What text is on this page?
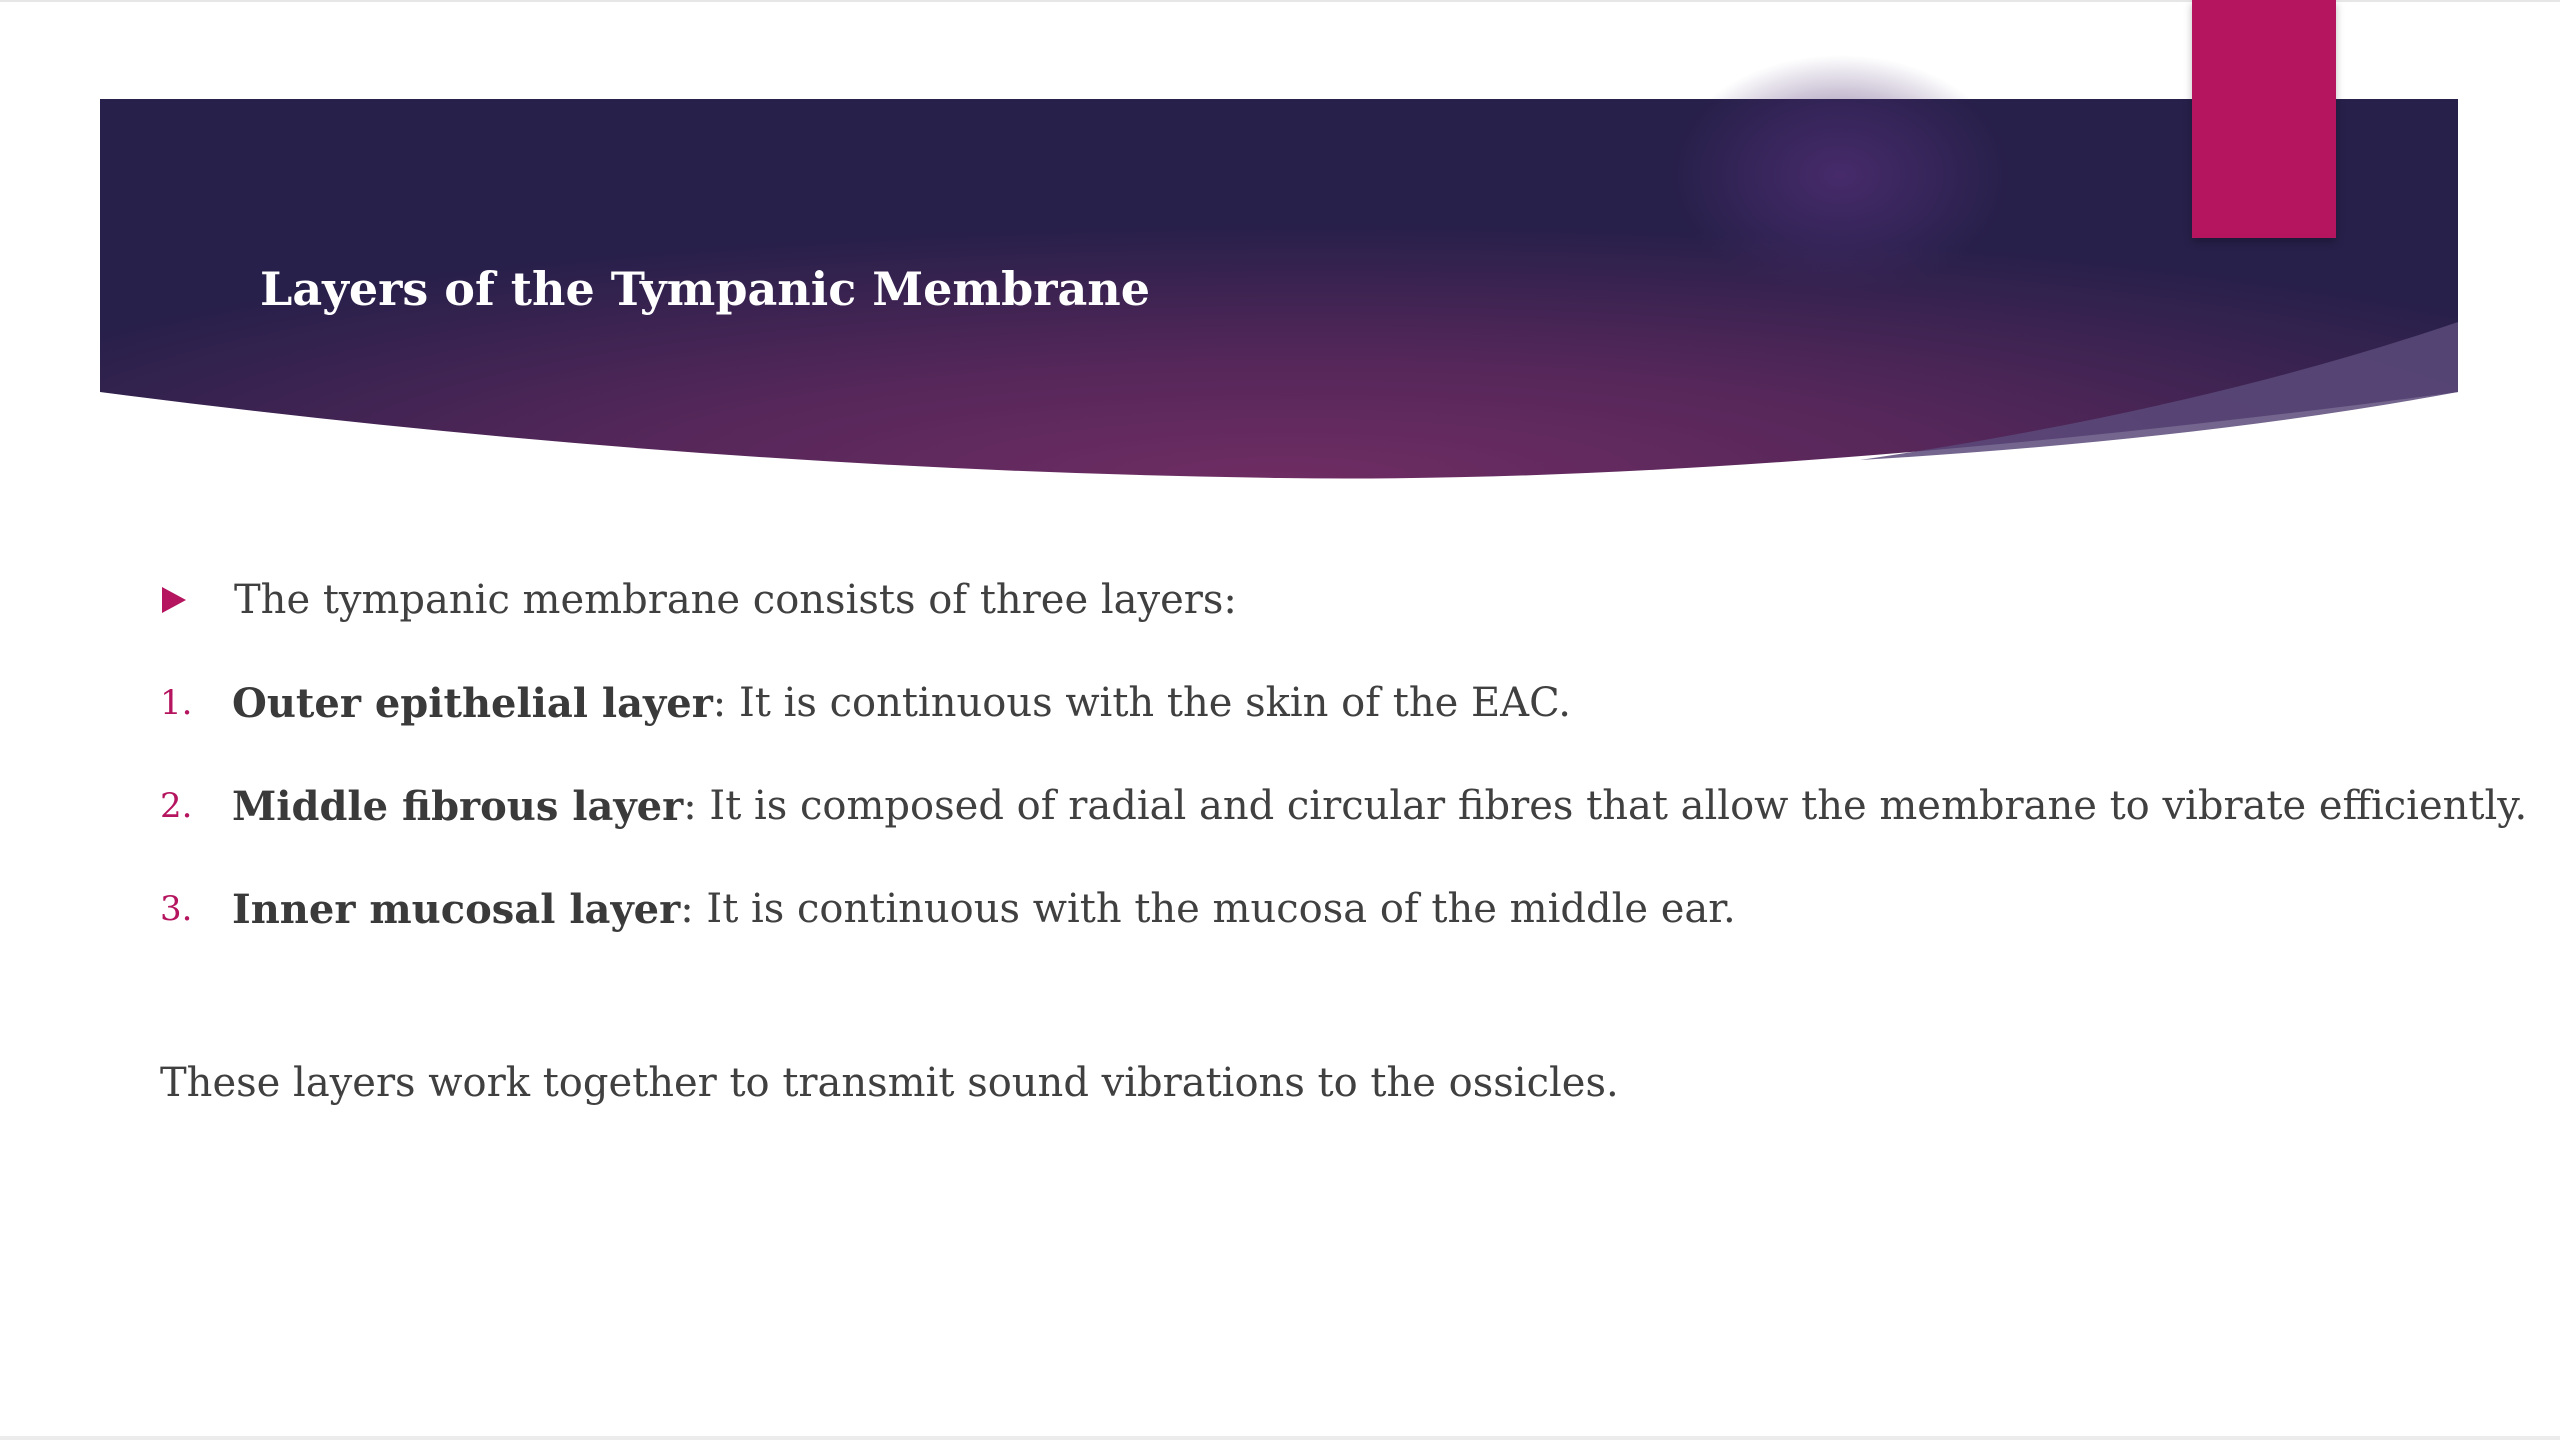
Layers of the Tympanic Membrane
The tympanic membrane consists of three layers:
1. Outer epithelial layer : It is continuous with the skin of the EAC.
2. Middle fibrous layer : It is composed of radial and circular fibres that allow the membrane to vibrate efficiently.
3. Inner mucosal layer : It is continuous with the mucosa of the middle ear.
These layers work together to transmit sound vibrations to the ossicles.
